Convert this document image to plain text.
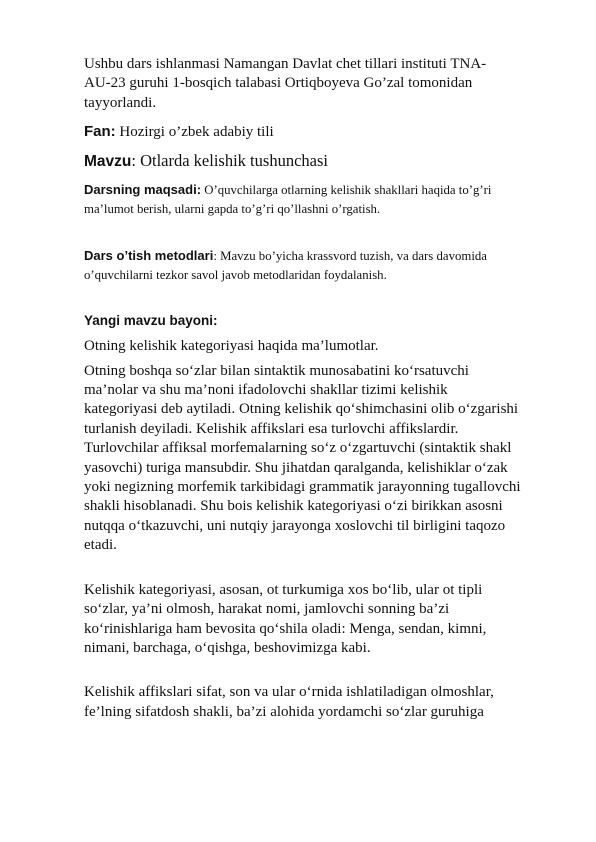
Ushbu dars ishlanmasi Namangan Davlat chet tillari instituti TNA-
AU-23 guruhi 1-bosqich talabasi Ortiqboyeva Go’zal tomonidan
tayyorlandi.

Fan: Hozirgi o’zbek adabiy tili

Mavzu: Otlarda kelishik tushunchasi

Darsning maqsadi: O’quvchilarga otlarning kelishik shakllari haqida to’g’ri
ma’lumot berish, ularni gapda to’g’ri qo’llashni o’rgatish.

Dars o’tish metodlari: Mavzu bo’yicha krassvord tuzish, va dars davomida
o’quvchilarni tezkor savol javob metodlaridan foydalanish.

Yangi mavzu bayoni:

Otning kelishik kategoriyasi haqida ma’lumotlar.

Otning boshqa so‘zlar bilan sintaktik munosabatini ko‘rsatuvchi
ma’nolar va shu ma’noni ifadolovchi shakllar tizimi kelishik
kategoriyasi deb aytiladi. Otning kelishik qo‘shimchasini olib o‘zgarishi
turlanish deyiladi. Kelishik affikslari esa turlovchi affikslardir.
Turlovchilar affiksal morfemalarning so‘z o‘zgartuvchi (sintaktik shakl
yasovchi) turiga mansubdir. Shu jihatdan qaralganda, kelishiklar o‘zak
yoki negizning morfemik tarkibidagi grammatik jarayonning tugallovchi
shakli hisoblanadi. Shu bois kelishik kategoriyasi o‘zi birikkan asosni
nutqqa o‘tkazuvchi, uni nutqiy jarayonga xoslovchi til birligini taqozo
etadi.

Kelishik kategoriyasi, asosan, ot turkumiga xos bo‘lib, ular ot tipli
so‘zlar, ya’ni olmosh, harakat nomi, jamlovchi sonning ba’zi
ko‘rinishlariga ham bevosita qo‘shila oladi: Menga, sendan, kimni,
nimani, barchaga, o‘qishga, beshovimizga kabi.

Kelishik affikslari sifat, son va ular o‘rnida ishlatiladigan olmoshlar,
fe’lning sifatdosh shakli, ba’zi alohida yordamchi so‘zlar guruhiga
